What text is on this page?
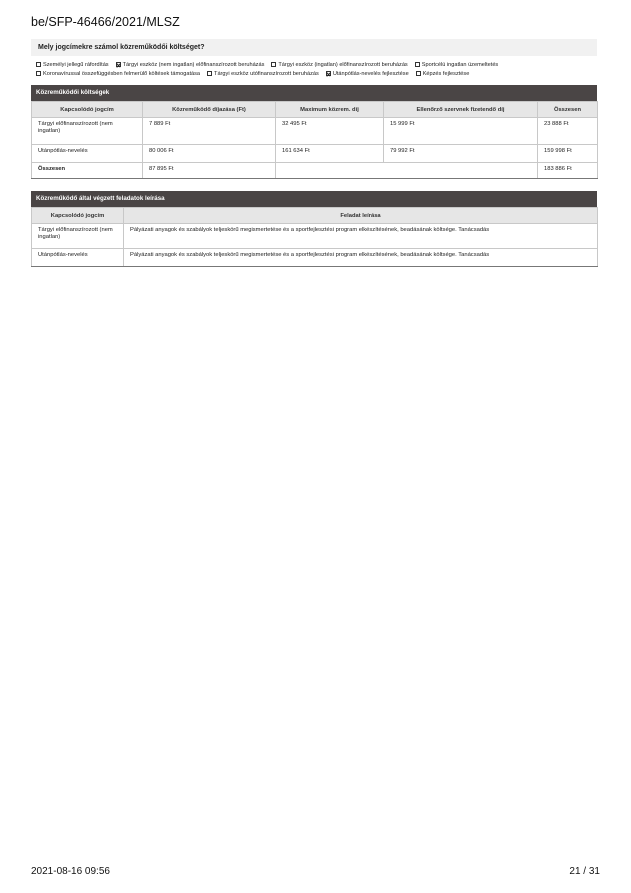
be/SFP-46466/2021/MLSZ
Mely jogcímekre számol közreműködői költséget?
Személyi jellegű ráfordítás	Tárgyi eszköz (nem ingatlan) előfinanszírozott beruházás	Tárgyi eszköz (ingatlan) előfinanszírozott beruházás	Sportcélú ingatlan üzemeltetés
Koronavírussal összefüggésben felmerülő költések támogatása	Tárgyi eszköz utófinanszírozott beruházás	Utánpótlás-nevelés fejlesztése	Képzés fejlesztése
Közreműködői költségek
Kapcsolódó jogcím	Közreműködő díjazása (Ft)	Maximum közrem. díj	Ellenőrző szervnek fizetendő díj	Összesen
Tárgyi előfinanszírozott (nem ingatlan)	7 889 Ft	32 495 Ft	15 999 Ft	23 888 Ft
Utánpótlás-nevelés	80 006 Ft	161 634 Ft	79 992 Ft	159 998 Ft
Összesen	87 895 Ft			183 886 Ft
Közreműködő által végzett feladatok leírása
Kapcsolódó jogcím	Feladat leírása
Tárgyi előfinanszírozott (nem ingatlan)	Pályázati anyagok és szabályok teljeskörű megismertetése és a sportfejlesztési program elkészítésének, beadásának költsége. Tanácsadás
Utánpótlás-nevelés	Pályázati anyagok és szabályok teljeskörű megismertetése és a sportfejlesztési program elkészítésének, beadásának költsége. Tanácsadás
2021-08-16 09:56	21 / 31
